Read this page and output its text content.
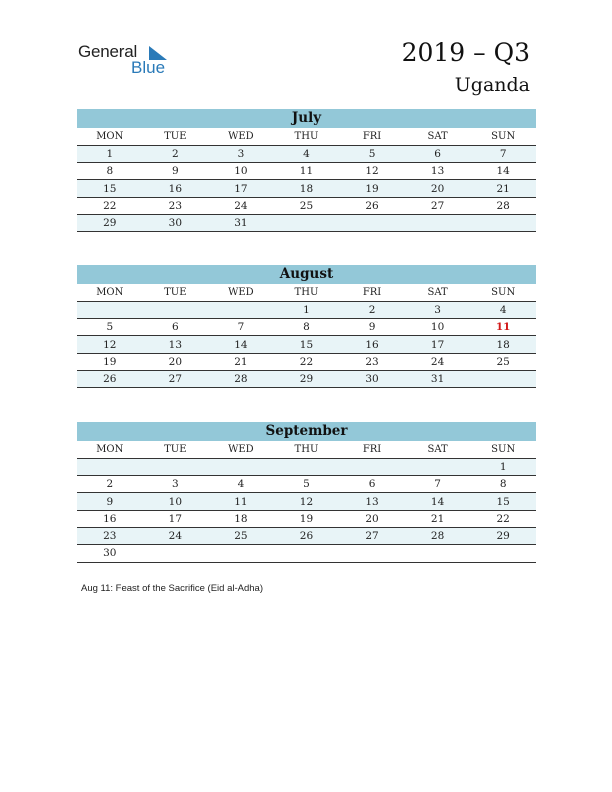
General
Blue
2019 – Q3
Uganda
July
MON	TUE	WED	THU	FRI	SAT	SUN
1	2	3	4	5	6	7
8	9	10	11	12	13	14
15	16	17	18	19	20	21
22	23	24	25	26	27	28
29	30	31				
August
MON	TUE	WED	THU	FRI	SAT	SUN
			1	2	3	4
5	6	7	8	9	10	11
12	13	14	15	16	17	18
19	20	21	22	23	24	25
26	27	28	29	30	31	
September
MON	TUE	WED	THU	FRI	SAT	SUN
						1
2	3	4	5	6	7	8
9	10	11	12	13	14	15
16	17	18	19	20	21	22
23	24	25	26	27	28	29
30						
Aug 11: Feast of the Sacrifice (Eid al-Adha)
